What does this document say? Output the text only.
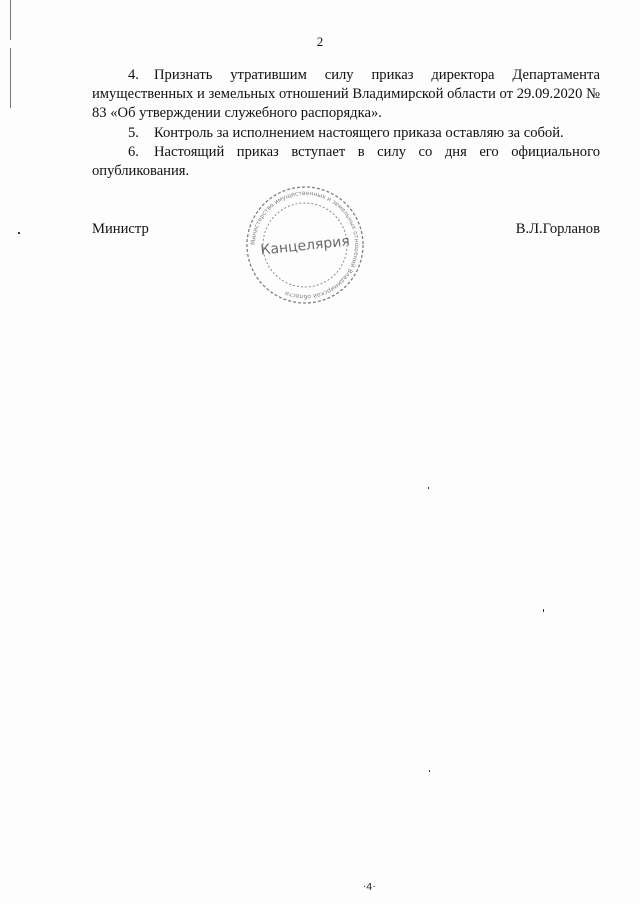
2

4. Признать утратившим силу приказ директора Департамента имущественных и земельных отношений Владимирской области от 29.09.2020 № 83 «Об утверждении служебного распорядка».

5. Контроль за исполнением настоящего приказа оставляю за собой.

6. Настоящий приказ вступает в силу со дня его официального опубликования.

Министр	В.Л.Горланов
Министерство имущественных и земельных отношений Владимирской области
Канцелярия
·4·
